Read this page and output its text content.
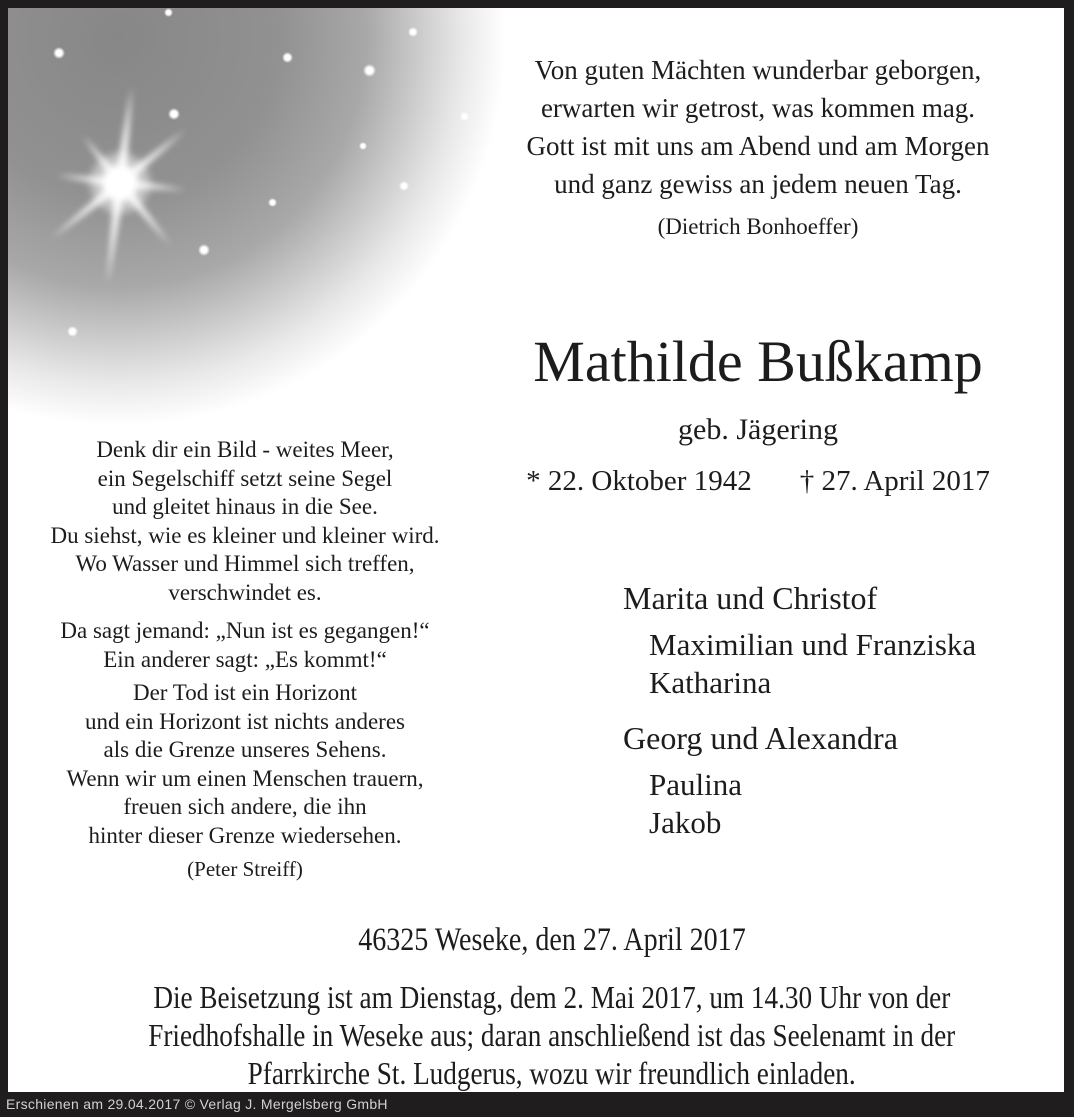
Von guten Mächten wunderbar geborgen,
erwarten wir getrost, was kommen mag.
Gott ist mit uns am Abend und am Morgen
und ganz gewiss an jedem neuen Tag.
(Dietrich Bonhoeffer)
Mathilde Bußkamp
geb. Jägering
* 22. Oktober 1942 † 27. April 2017
Denk dir ein Bild - weites Meer,
ein Segelschiff setzt seine Segel
und gleitet hinaus in die See.
Du siehst, wie es kleiner und kleiner wird.
Wo Wasser und Himmel sich treffen,
verschwindet es.
Da sagt jemand: „Nun ist es gegangen!“
Ein anderer sagt: „Es kommt!“
Der Tod ist ein Horizont
und ein Horizont ist nichts anderes
als die Grenze unseres Sehens.
Wenn wir um einen Menschen trauern,
freuen sich andere, die ihn
hinter dieser Grenze wiedersehen.
(Peter Streiff)
Marita und Christof
Maximilian und Franziska
Katharina
Georg und Alexandra
Paulina
Jakob
46325 Weseke, den 27. April 2017
Die Beisetzung ist am Dienstag, dem 2. Mai 2017, um 14.30 Uhr von der
Friedhofshalle in Weseke aus; daran anschließend ist das Seelenamt in der
Pfarrkirche St. Ludgerus, wozu wir freundlich einladen.
Erschienen am 29.04.2017 © Verlag J. Mergelsberg GmbH
